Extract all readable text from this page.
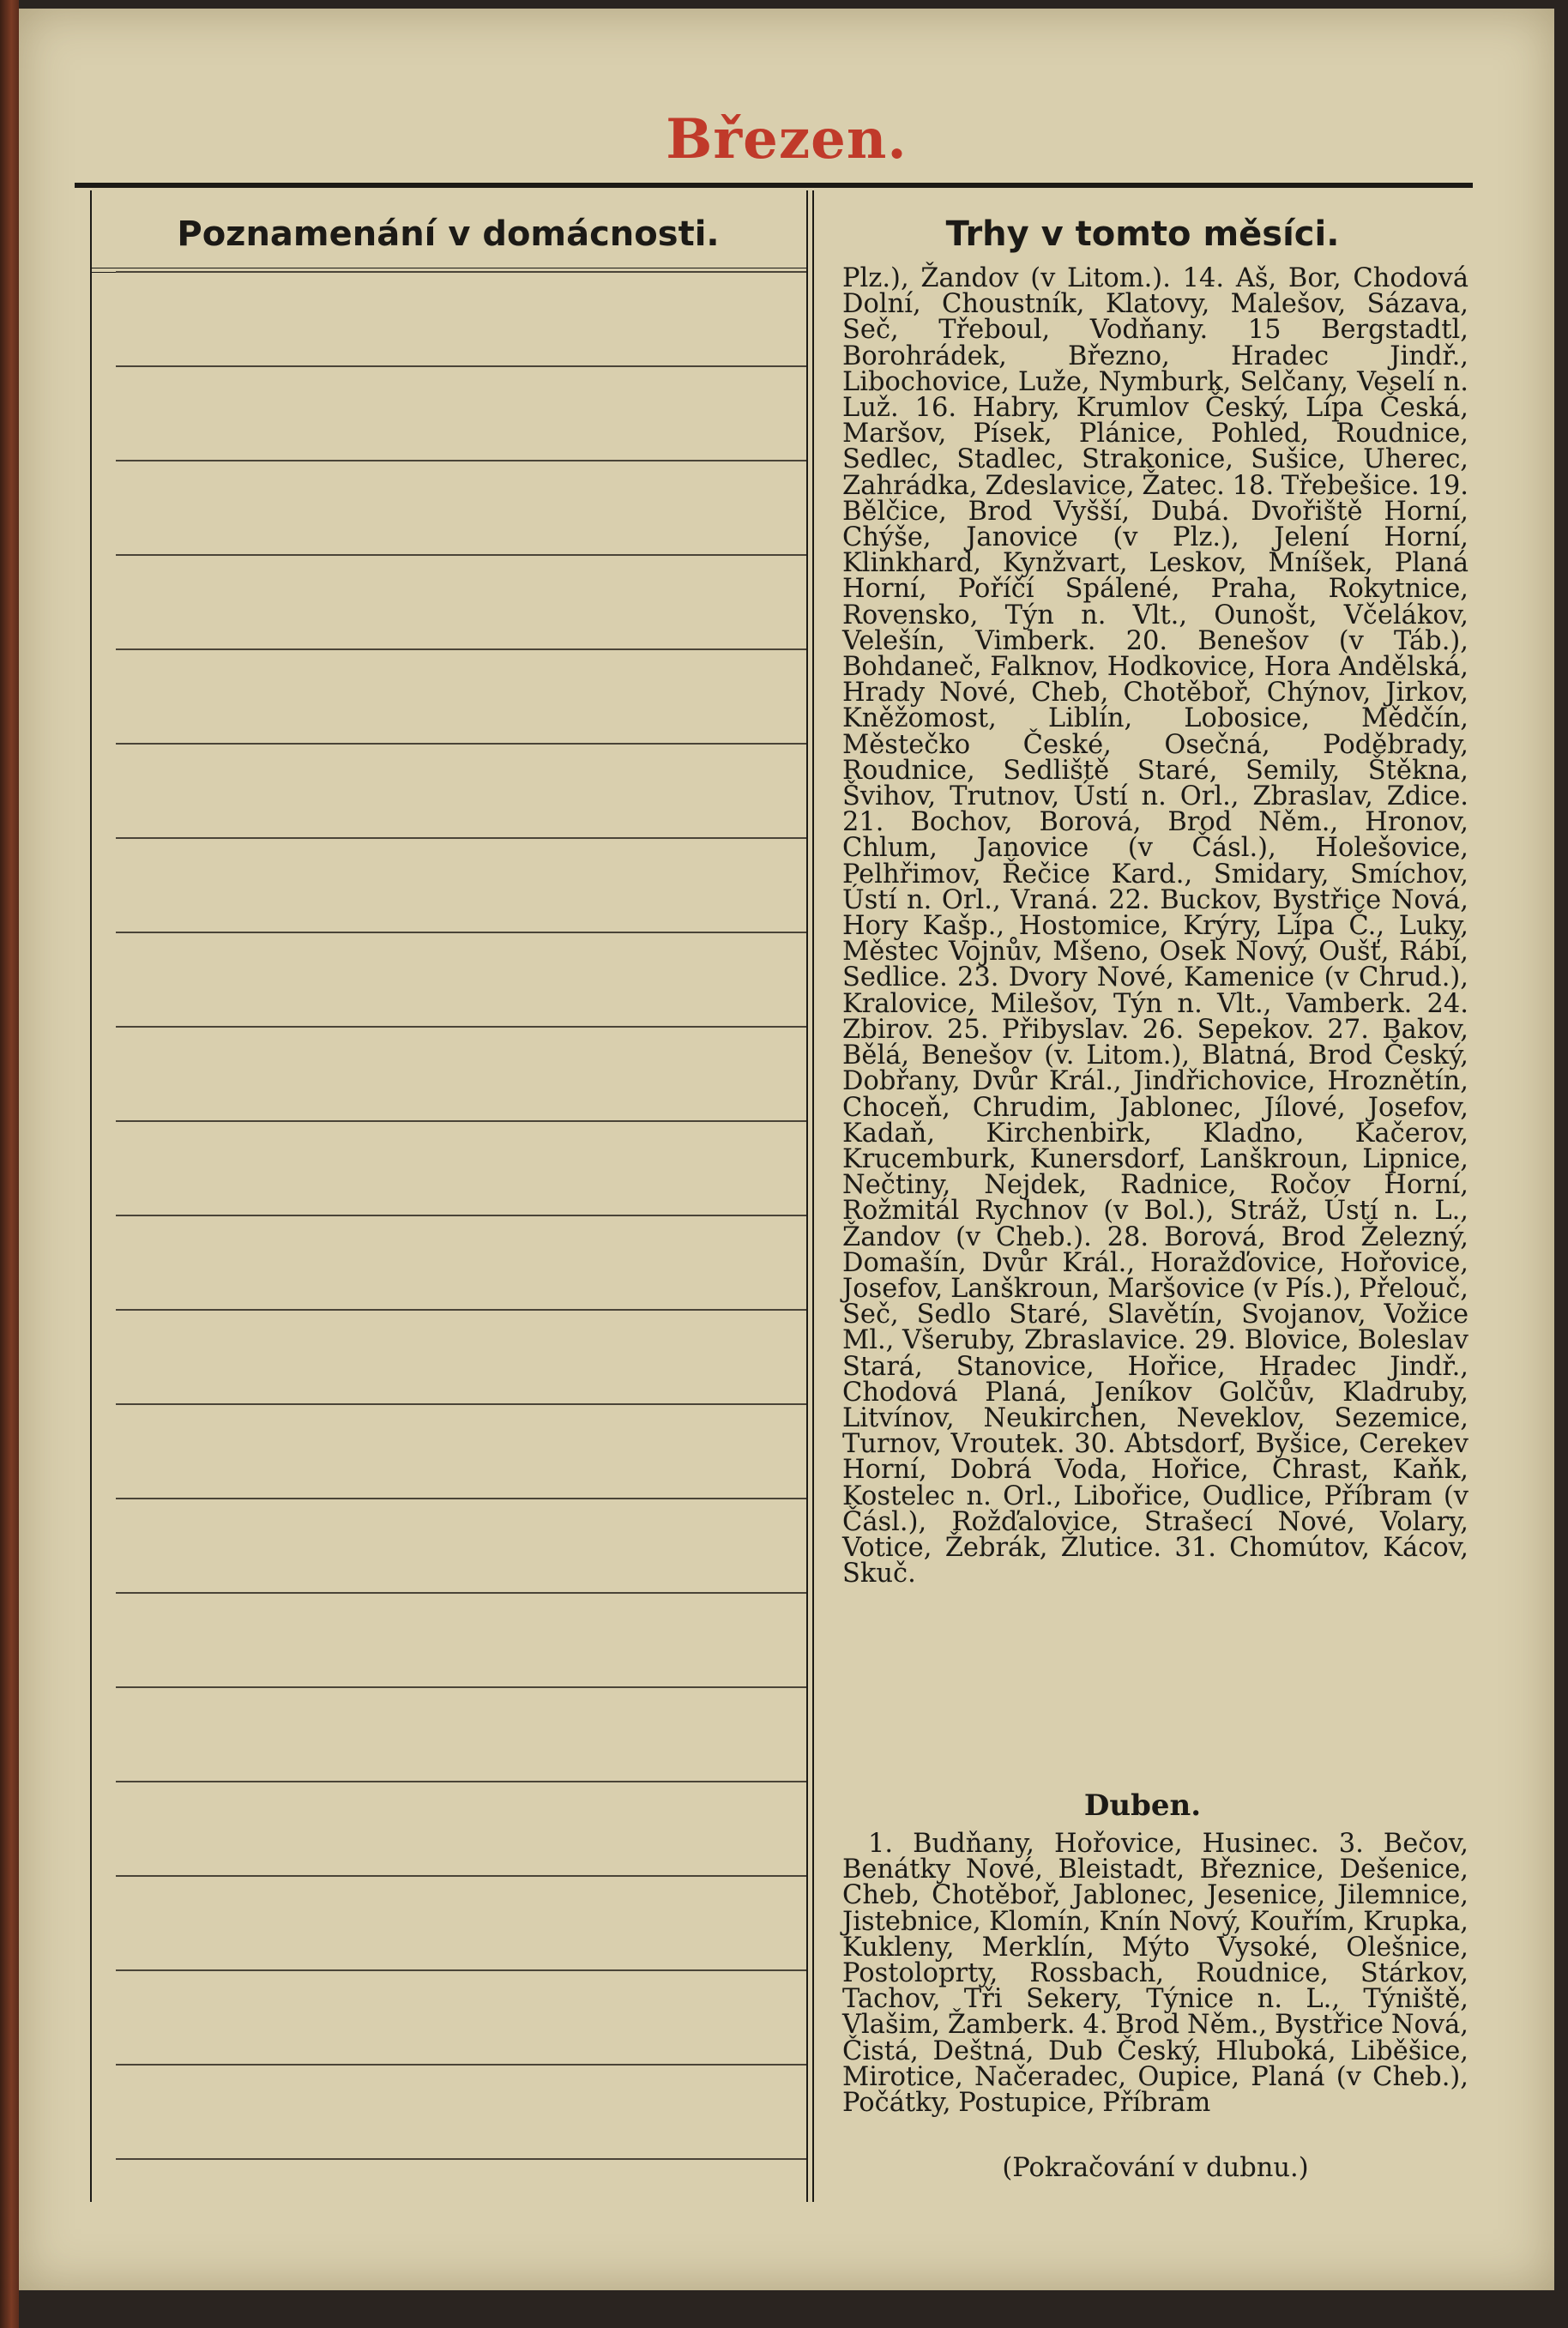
Březen.
Poznamenání v domácnosti.	Trhy v tomto měsíci.
Plz.), Žandov (v Litom.). 14. Aš, Bor, Chodová Dolní, Choustník, Klatovy, Malešov, Sázava, Seč, Třeboul, Vodňany. 15 Bergstadtl, Borohrádek, Březno, Hradec Jindř., Libochovice, Luže, Nymburk, Selčany, Veselí n. Luž. 16. Habry, Krumlov Český, Lípa Česká, Maršov, Písek, Plánice, Pohled, Roudnice, Sedlec, Stadlec, Strakonice, Sušice, Uherec, Zahrádka, Zdeslavice, Žatec. 18. Třebešice. 19. Bělčice, Brod Vyšší, Dubá. Dvořiště Horní, Chýše, Janovice (v Plz.), Jelení Horní, Klinkhard, Kynžvart, Leskov, Mníšek, Planá Horní, Poříčí Spálené, Praha, Rokytnice, Rovensko, Týn n. Vlt., Ounošt, Včelákov, Velešín, Vimberk. 20. Benešov (v Táb.), Bohdaneč, Falknov, Hodkovice, Hora Andělská, Hrady Nové, Cheb, Chotěboř, Chýnov, Jirkov, Kněžomost, Liblín, Lobosice, Mědčín, Městečko České, Osečná, Poděbrady, Roudnice, Sedliště Staré, Semily, Štěkna, Švihov, Trutnov, Ústí n. Orl., Zbraslav, Zdice. 21. Bochov, Borová, Brod Něm., Hronov, Chlum, Janovice (v Čásl.), Holešovice, Pelhřimov, Řečice Kard., Smidary, Smíchov, Ústí n. Orl., Vraná. 22. Buckov, Bystřice Nová, Hory Kašp., Hostomice, Krýry, Lípa Č., Luky, Městec Vojnův, Mšeno, Osek Nový, Oušť, Rábí, Sedlice. 23. Dvory Nové, Kamenice (v Chrud.), Kralovice, Milešov, Týn n. Vlt., Vamberk. 24. Zbirov. 25. Přibyslav. 26. Sepekov. 27. Bakov, Bělá, Benešov (v. Litom.), Blatná, Brod Český, Dobřany, Dvůr Král., Jindřichovice, Hroznětín, Choceň, Chrudim, Jablonec, Jílové, Josefov, Kadaň, Kirchenbirk, Kladno, Kačerov, Krucemburk, Kunersdorf, Lanškroun, Lipnice, Nečtiny, Nejdek, Radnice, Ročov Horní, Rožmitál Rychnov (v Bol.), Stráž, Ústí n. L., Žandov (v Cheb.). 28. Borová, Brod Železný, Domašín, Dvůr Král., Horažďovice, Hořovice, Josefov, Lanškroun, Maršovice (v Pís.), Přelouč, Seč, Sedlo Staré, Slavětín, Svojanov, Vožice Ml., Všeruby, Zbraslavice. 29. Blovice, Boleslav Stará, Stanovice, Hořice, Hradec Jindř., Chodová Planá, Jeníkov Golčův, Kladruby, Litvínov, Neukirchen, Neveklov, Sezemice, Turnov, Vroutek. 30. Abtsdorf, Byšice, Cerekev Horní, Dobrá Voda, Hořice, Chrast, Kaňk, Kostelec n. Orl., Libořice, Oudlice, Příbram (v Čásl.), Rožďalovice, Strašecí Nové, Volary, Votice, Žebrák, Žlutice. 31. Chomútov, Kácov, Skuč.
Duben.
1. Budňany, Hořovice, Husinec. 3. Bečov, Benátky Nové, Bleistadt, Březnice, Dešenice, Cheb, Chotěboř, Jablonec, Jesenice, Jilemnice, Jistebnice, Klomín, Knín Nový, Kouřím, Krupka, Kukleny, Merklín, Mýto Vysoké, Olešnice, Postoloprty, Rossbach, Roudnice, Stárkov, Tachov, Tři Sekery, Týnice n. L., Týniště, Vlašim, Žamberk. 4. Brod Něm., Bystřice Nová, Čistá, Deštná, Dub Český, Hluboká, Liběšice, Mirotice, Načeradec, Oupice, Planá (v Cheb.), Počátky, Postupice, Příbram
(Pokračování v dubnu.)
